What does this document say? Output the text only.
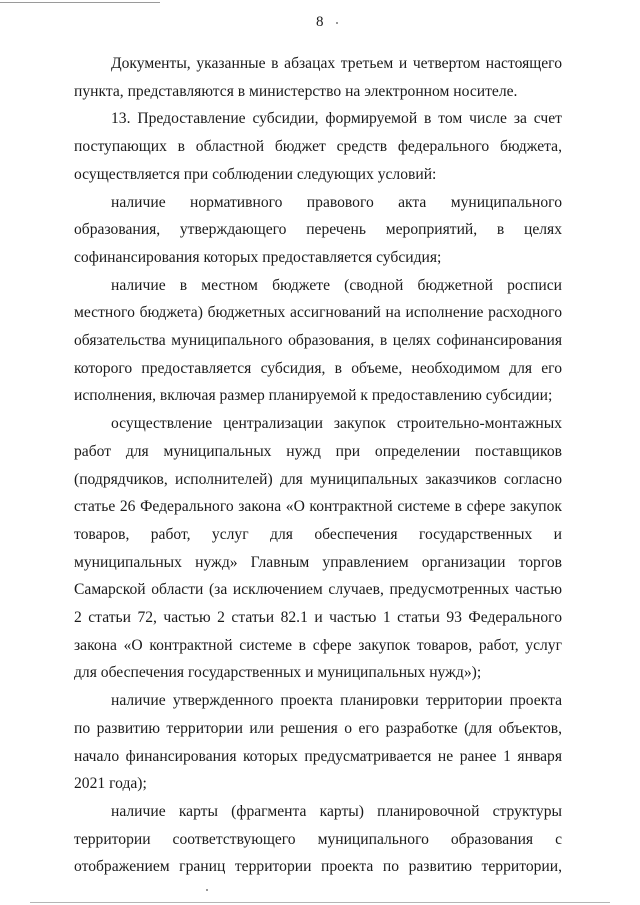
8

Документы, указанные в абзацах третьем и четвертом настоящего пункта, представляются в министерство на электронном носителе.

13. Предоставление субсидии, формируемой в том числе за счет поступающих в областной бюджет средств федерального бюджета, осуществляется при соблюдении следующих условий:

наличие нормативного правового акта муниципального образования, утверждающего перечень мероприятий, в целях софинансирования которых предоставляется субсидия;

наличие в местном бюджете (сводной бюджетной росписи местного бюджета) бюджетных ассигнований на исполнение расходного обязательства муниципального образования, в целях софинансирования которого предоставляется субсидия, в объеме, необходимом для его исполнения, включая размер планируемой к предоставлению субсидии;

осуществление централизации закупок строительно-монтажных работ для муниципальных нужд при определении поставщиков (подрядчиков, исполнителей) для муниципальных заказчиков согласно статье 26 Федерального закона «О контрактной системе в сфере закупок товаров, работ, услуг для обеспечения государственных и муниципальных нужд» Главным управлением организации торгов Самарской области (за исключением случаев, предусмотренных частью 2 статьи 72, частью 2 статьи 82.1 и частью 1 статьи 93 Федерального закона «О контрактной системе в сфере закупок товаров, работ, услуг для обеспечения государственных и муниципальных нужд»);

наличие утвержденного проекта планировки территории проекта по развитию территории или решения о его разработке (для объектов, начало финансирования которых предусматривается не ранее 1 января 2021 года);

наличие карты (фрагмента карты) планировочной структуры территории соответствующего муниципального образования с отображением границ территории проекта по развитию территории,
